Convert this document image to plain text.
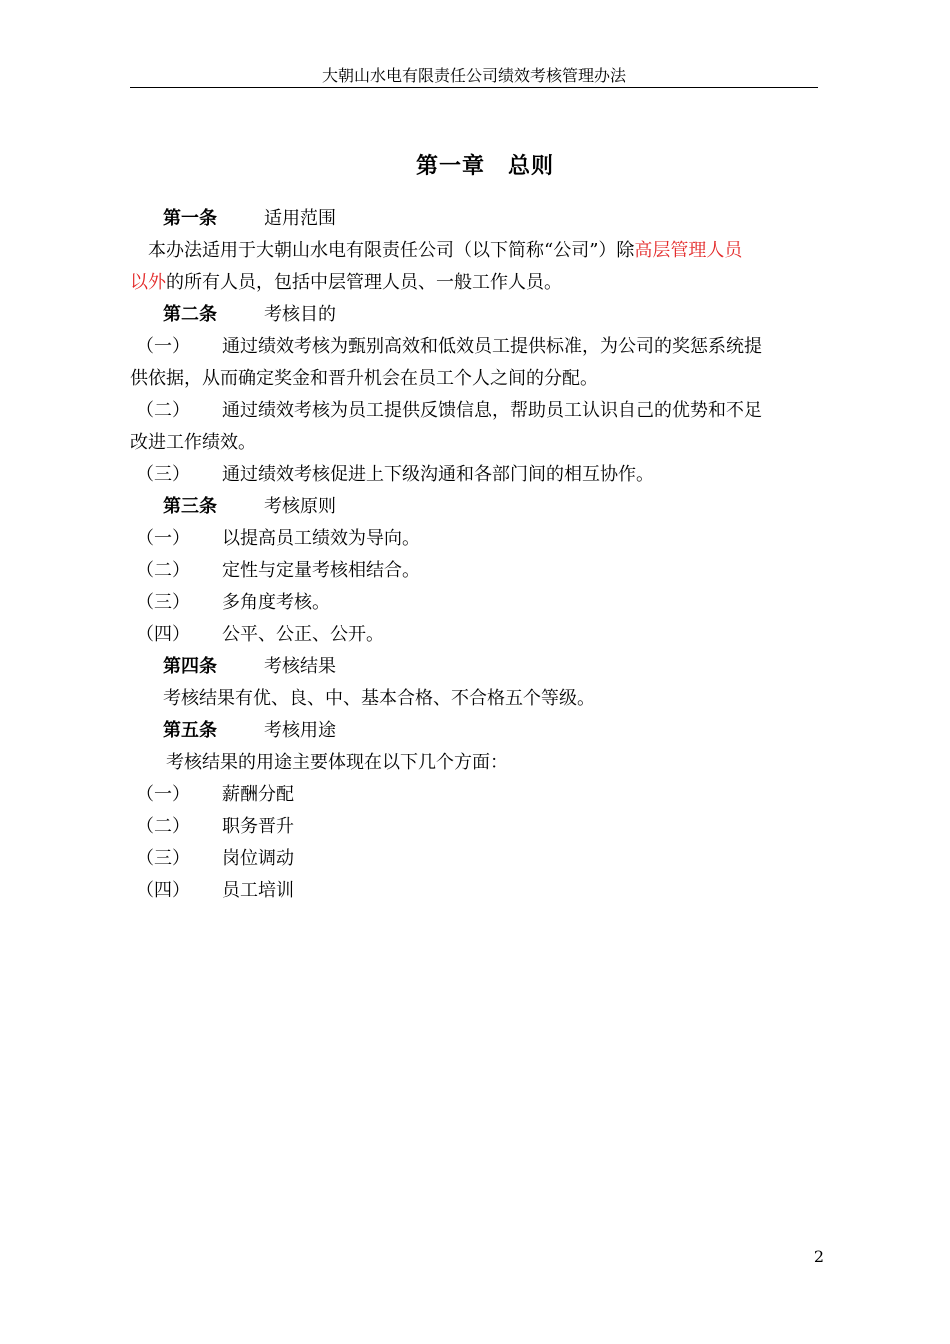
大朝山水电有限责任公司绩效考核管理办法
第一章　总则
第一条	适用范围
本办法适用于大朝山水电有限责任公司（以下简称“公司”）除高层管理人员
以外的所有人员，包括中层管理人员、一般工作人员。
第二条	考核目的
（一） 通过绩效考核为甄别高效和低效员工提供标准，为公司的奖惩系统提
供依据，从而确定奖金和晋升机会在员工个人之间的分配。
（二） 通过绩效考核为员工提供反馈信息，帮助员工认识自己的优势和不足
改进工作绩效。
（三） 通过绩效考核促进上下级沟通和各部门间的相互协作。
第三条	考核原则
（一） 以提高员工绩效为导向。
（二） 定性与定量考核相结合。
（三） 多角度考核。
（四） 公平、公正、公开。
第四条	考核结果
考核结果有优、良、中、基本合格、不合格五个等级。
第五条	考核用途
考核结果的用途主要体现在以下几个方面：
（一） 薪酬分配
（二） 职务晋升
（三） 岗位调动
（四） 员工培训
2
